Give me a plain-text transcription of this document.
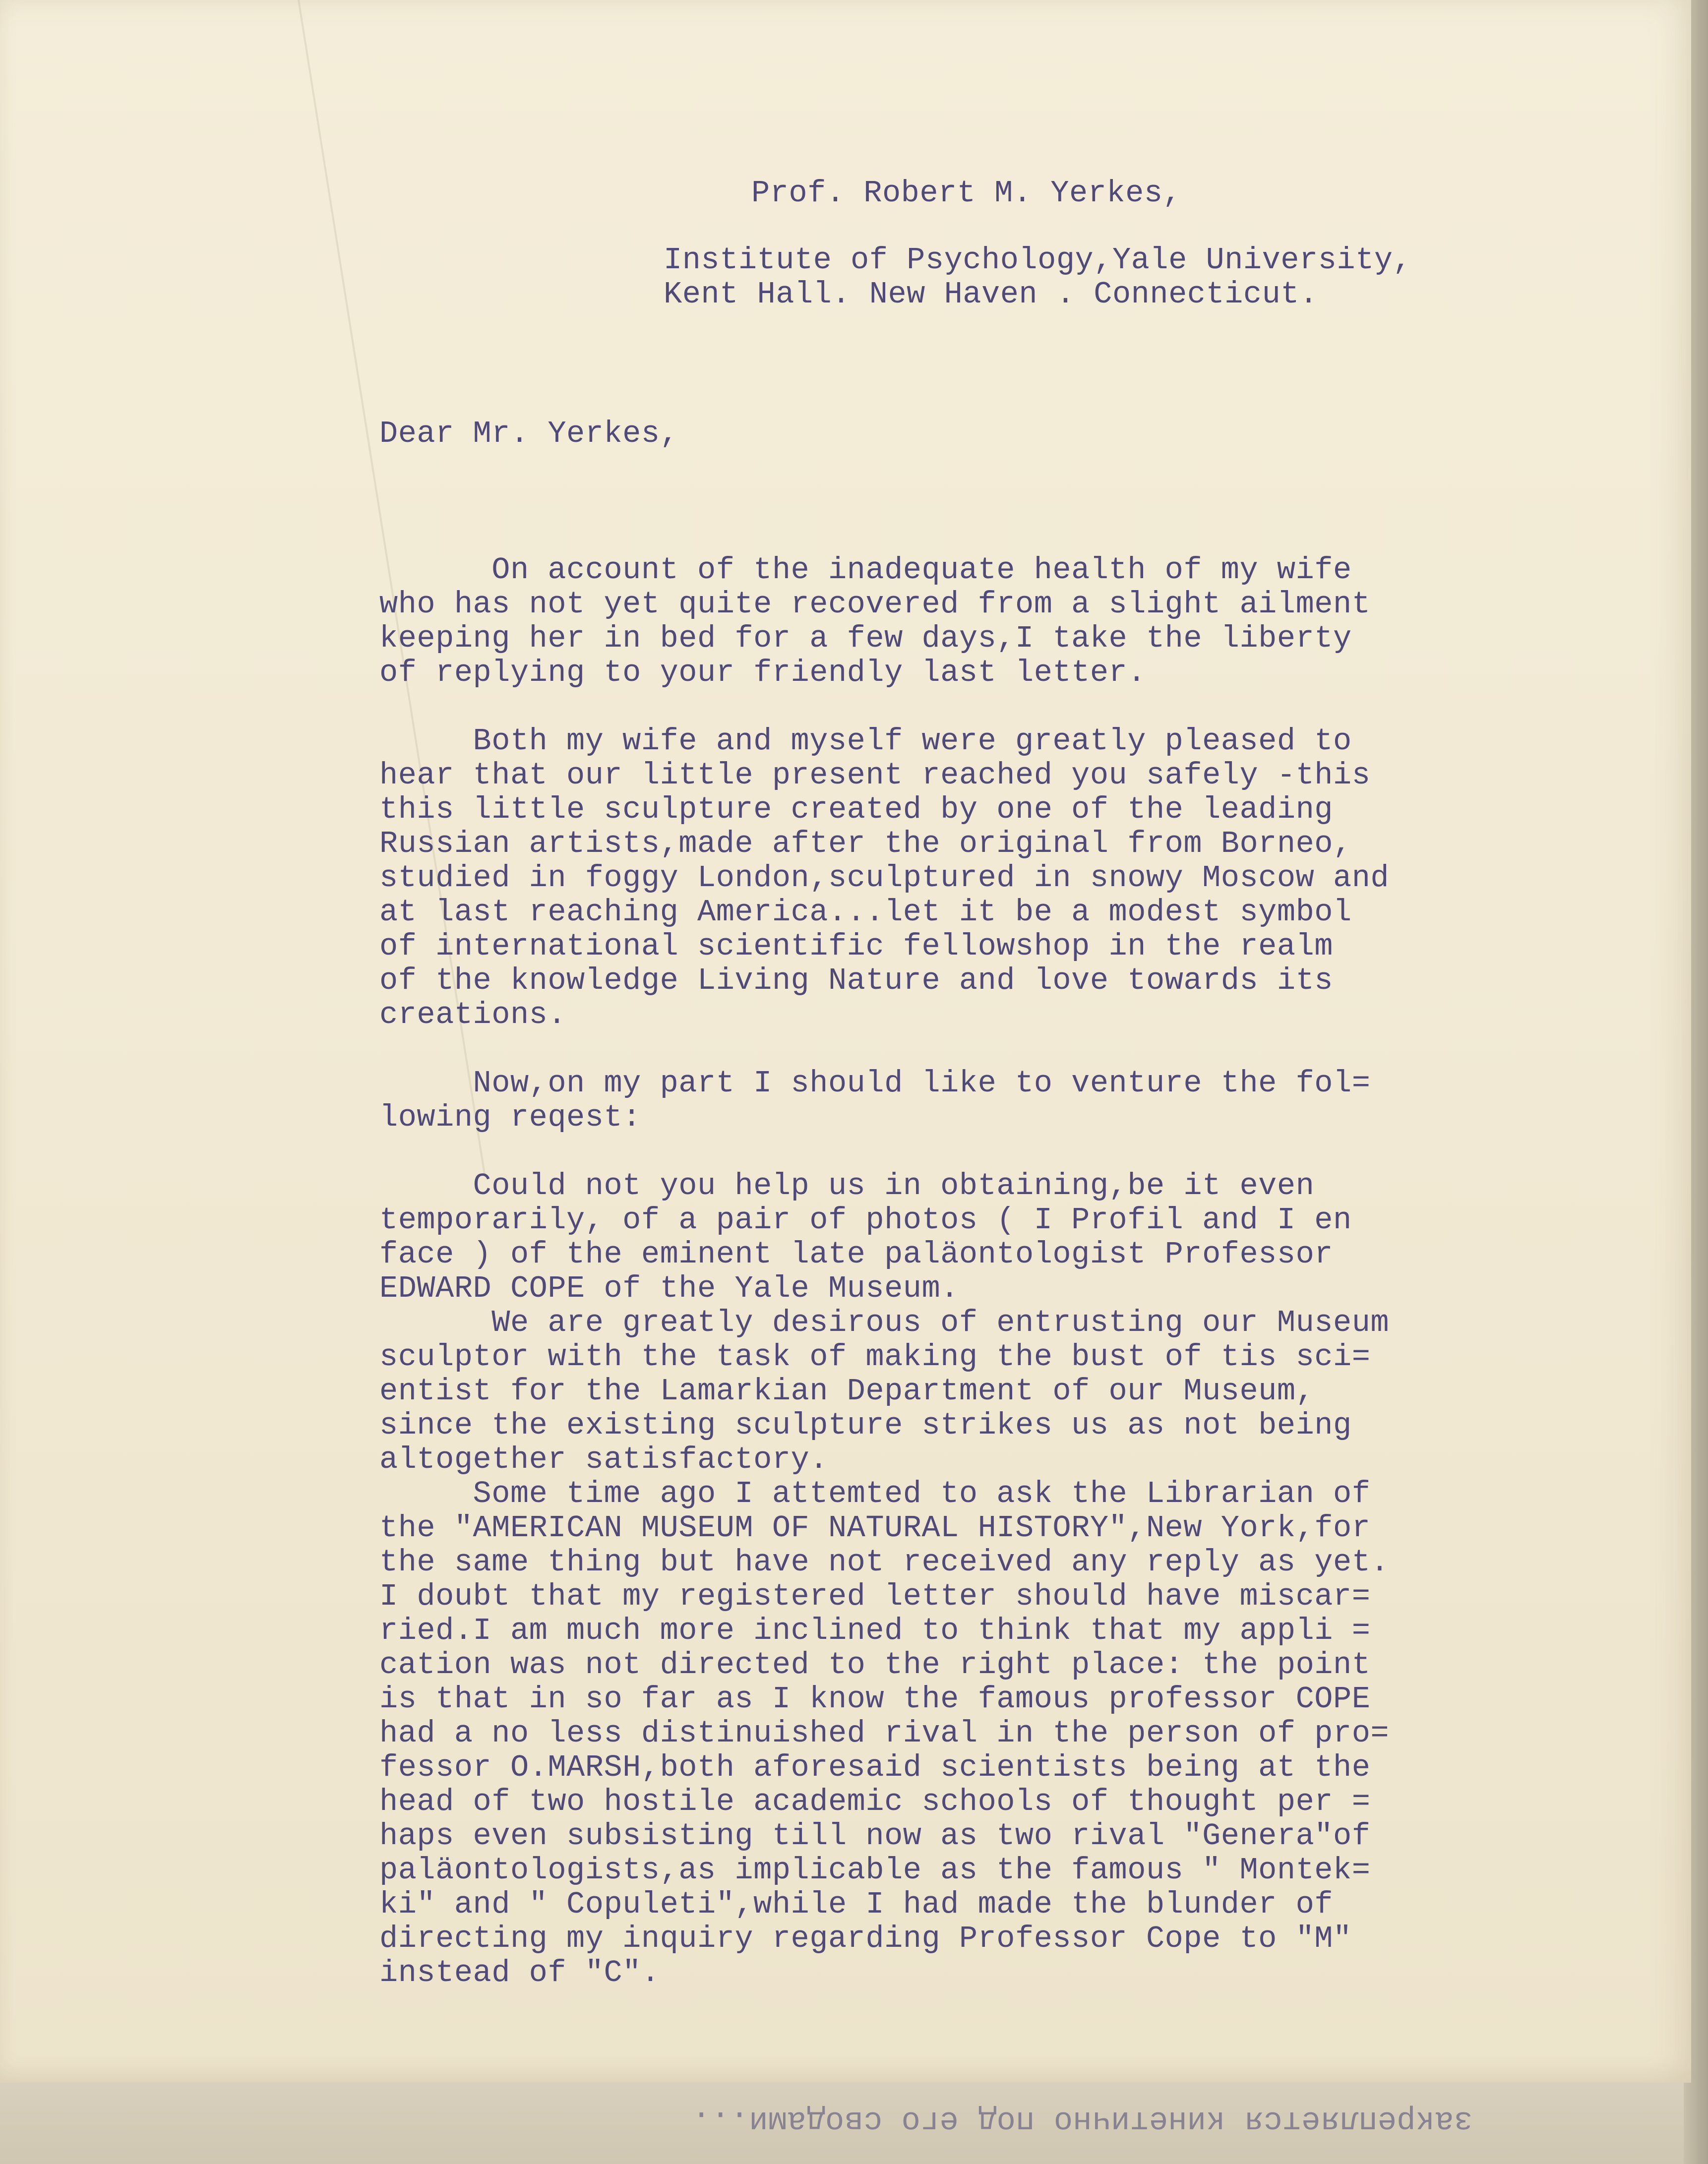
Prof. Robert M. Yerkes,
Institute of Psychology,Yale University,
Kent Hall. New Haven . Connecticut.
Dear Mr. Yerkes,
On account of the inadequate health of my wife
who has not yet quite recovered from a slight ailment
keeping her in bed for a few days,I take the liberty
of replying to your friendly last letter.
Both my wife and myself were greatly pleased to
hear that our little present reached you safely -this
this little sculpture created by one of the leading
Russian artists,made after the original from Borneo,
studied in foggy London,sculptured in snowy Moscow and
at last reaching America...let it be a modest symbol
of international scientific fellowshop in the realm
of the knowledge Living Nature and love towards its
creations.
Now,on my part I should like to venture the fol=
lowing reqest:
Could not you help us in obtaining,be it even
temporarily, of a pair of photos ( I Profil and I en
face ) of the eminent late paläontologist Professor
EDWARD COPE of the Yale Museum.
We are greatly desirous of entrusting our Museum
sculptor with the task of making the bust of tis sci=
entist for the Lamarkian Department of our Museum,
since the existing sculpture strikes us as not being
altogether satisfactory.
Some time ago I attemted to ask the Librarian of
the "AMERICAN MUSEUM OF NATURAL HISTORY",New York,for
the same thing but have not received any reply as yet.
I doubt that my registered letter should have miscar=
ried.I am much more inclined to think that my appli =
cation was not directed to the right place: the point
is that in so far as I know the famous professor COPE
had a no less distinuished rival in the person of pro=
fessor O.MARSH,both aforesaid scientists being at the
head of two hostile academic schools of thought per =
haps even subsisting till now as two rival "Genera"of
paläontologists,as implicable as the famous " Montek=
ki" and " Copuleti",while I had made the blunder of
directing my inquiry regarding Professor Cope to "M"
instead of "C".
закрепляется кинетично под его сводами...
